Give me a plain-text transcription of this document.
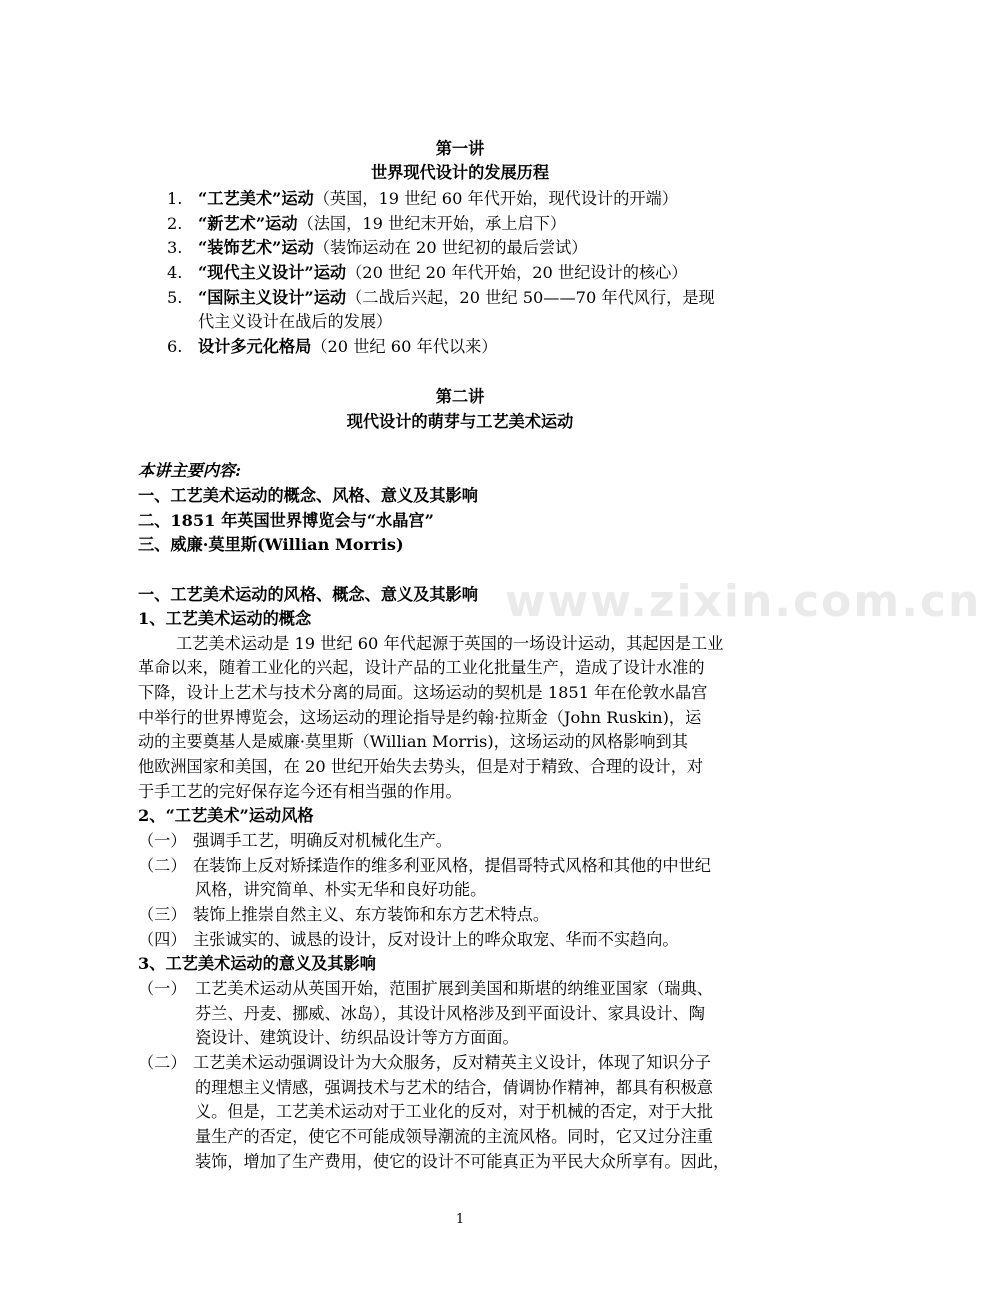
第一讲
世界现代设计的发展历程
1. “工艺美术”运动（英国，19 世纪 60 年代开始，现代设计的开端）
2. “新艺术”运动（法国，19 世纪末开始，承上启下）
3. “装饰艺术”运动（装饰运动在 20 世纪初的最后尝试）
4. “现代主义设计”运动（20 世纪 20 年代开始，20 世纪设计的核心）
5. “国际主义设计”运动（二战后兴起，20 世纪 50——70 年代风行，是现
代主义设计在战后的发展）
6. 设计多元化格局（20 世纪 60 年代以来）
第二讲
现代设计的萌芽与工艺美术运动
本讲主要内容:
一、工艺美术运动的概念、风格、意义及其影响
二、1851 年英国世界博览会与“水晶宫”
三、威廉·莫里斯(Willian Morris)
一、工艺美术运动的风格、概念、意义及其影响
1、工艺美术运动的概念
工艺美术运动是 19 世纪 60 年代起源于英国的一场设计运动，其起因是工业
革命以来，随着工业化的兴起，设计产品的工业化批量生产，造成了设计水准的
下降，设计上艺术与技术分离的局面。这场运动的契机是 1851 年在伦敦水晶宫
中举行的世界博览会，这场运动的理论指导是约翰·拉斯金（John Ruskin)，运
动的主要奠基人是威廉·莫里斯（Willian Morris)，这场运动的风格影响到其
他欧洲国家和美国，在 20 世纪开始失去势头，但是对于精致、合理的设计，对
于手工艺的完好保存迄今还有相当强的作用。
2、“工艺美术”运动风格
（一） 强调手工艺，明确反对机械化生产。
（二） 在装饰上反对矫揉造作的维多利亚风格，提倡哥特式风格和其他的中世纪
风格，讲究简单、朴实无华和良好功能。
（三） 装饰上推崇自然主义、东方装饰和东方艺术特点。
（四） 主张诚实的、诚恳的设计，反对设计上的哗众取宠、华而不实趋向。
3、工艺美术运动的意义及其影响
（一） 工艺美术运动从英国开始，范围扩展到美国和斯堪的纳维亚国家（瑞典、
芬兰、丹麦、挪威、冰岛），其设计风格涉及到平面设计、家具设计、陶
瓷设计、建筑设计、纺织品设计等方方面面。
（二） 工艺美术运动强调设计为大众服务，反对精英主义设计，体现了知识分子
的理想主义情感，强调技术与艺术的结合，倩调协作精神，都具有积极意
义。但是，工艺美术运动对于工业化的反对，对于机械的否定，对于大批
量生产的否定，使它不可能成领导潮流的主流风格。同时，它又过分注重
装饰，增加了生产费用，使它的设计不可能真正为平民大众所享有。因此，
www.zixin.com.cn
1
